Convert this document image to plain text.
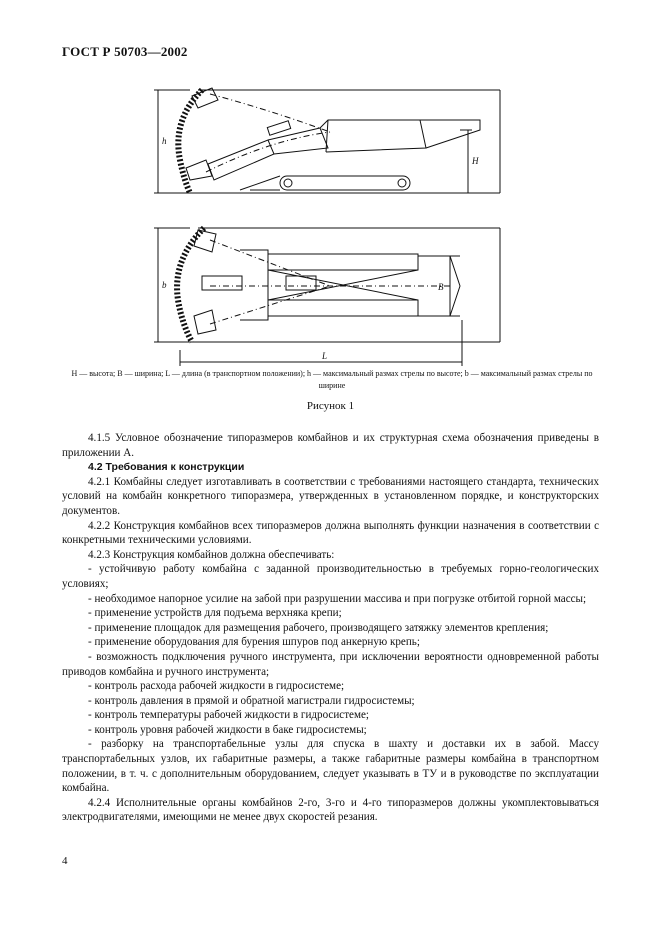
ГОСТ Р 50703—2002
h
H
b	B
L
H — высота; B — ширина; L — длина (в транспортном положении); h — максимальный размах стрелы по высоте; b — максимальный размах стрелы по ширине
Рисунок 1

4.1.5 Условное обозначение типоразмеров комбайнов и их структурная схема обозначения приведены в приложении А.

4.2 Требования к конструкции

4.2.1 Комбайны следует изготавливать в соответствии с требованиями настоящего стандарта, технических условий на комбайн конкретного типоразмера, утвержденных в установленном порядке, и конструкторских документов.

4.2.2 Конструкция комбайнов всех типоразмеров должна выполнять функции назначения в соответствии с конкретными техническими условиями.

4.2.3 Конструкция комбайнов должна обеспечивать:

- устойчивую работу комбайна с заданной производительностью в требуемых горно-геологических условиях;

- необходимое напорное усилие на забой при разрушении массива и при погрузке отбитой горной массы;

- применение устройств для подъема верхняка крепи;

- применение площадок для размещения рабочего, производящего затяжку элементов крепления;

- применение оборудования для бурения шпуров под анкерную крепь;

- возможность подключения ручного инструмента, при исключении вероятности одновременной работы приводов комбайна и ручного инструмента;

- контроль расхода рабочей жидкости в гидросистеме;

- контроль давления в прямой и обратной магистрали гидросистемы;

- контроль температуры рабочей жидкости в гидросистеме;

- контроль уровня рабочей жидкости в баке гидросистемы;

- разборку на транспортабельные узлы для спуска в шахту и доставки их в забой. Массу транспортабельных узлов, их габаритные размеры, а также габаритные размеры комбайна в транспортном положении, в т. ч. с дополнительным оборудованием, следует указывать в ТУ и в руководстве по эксплуатации комбайна.

4.2.4 Исполнительные органы комбайнов 2-го, 3-го и 4-го типоразмеров должны укомплектовываться электродвигателями, имеющими не менее двух скоростей резания.

4
